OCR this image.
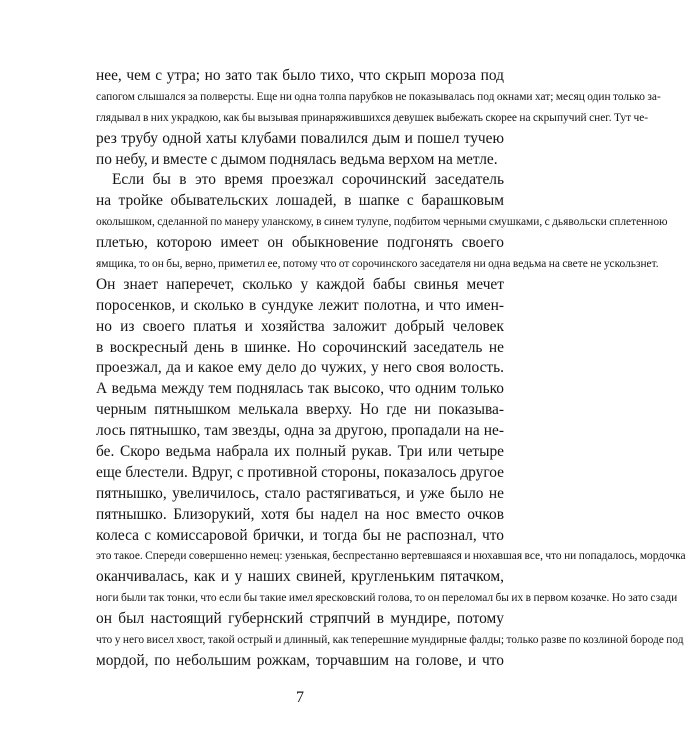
нее, чем с утра; но зато так было тихо, что скрып мороза под
сапогом слышался за полверсты. Еще ни одна толпа парубков не показывалась под окнами хат; месяц один только за-
глядывал в них украдкою, как бы вызывая принаряжившихся девушек выбежать скорее на скрыпучий снег. Тут че-
рез трубу одной хаты клубами повалился дым и пошел тучею
по небу, и вместе с дымом поднялась ведьма верхом на метле.
Если бы в это время проезжал сорочинский заседатель
на тройке обывательских лошадей, в шапке с барашковым
околышком, сделанной по манеру уланскому, в синем тулупе, подбитом черными смушками, с дьявольски сплетенною
плетью, которою имеет он обыкновение подгонять своего
ямщика, то он бы, верно, приметил ее, потому что от сорочинского заседателя ни одна ведьма на свете не ускользнет.
Он знает наперечет, сколько у каждой бабы свинья мечет
поросенков, и сколько в сундуке лежит полотна, и что имен-
но из своего платья и хозяйства заложит добрый человек
в воскресный день в шинке. Но сорочинский заседатель не
проезжал, да и какое ему дело до чужих, у него своя волость.
А ведьма между тем поднялась так высоко, что одним только
черным пятнышком мелькала вверху. Но где ни показыва-
лось пятнышко, там звезды, одна за другою, пропадали на не-
бе. Скоро ведьма набрала их полный рукав. Три или четыре
еще блестели. Вдруг, с противной стороны, показалось другое
пятнышко, увеличилось, стало растягиваться, и уже было не
пятнышко. Близорукий, хотя бы надел на нос вместо очков
колеса с комиссаровой брички, и тогда бы не распознал, что
это такое. Спереди совершенно немец: узенькая, беспрестанно вертевшаяся и нюхавшая все, что ни попадалось, мордочка
оканчивалась, как и у наших свиней, кругленьким пятачком,
ноги были так тонки, что если бы такие имел яресковский голова, то он переломал бы их в первом козачке. Но зато сзади
он был настоящий губернский стряпчий в мундире, потому
что у него висел хвост, такой острый и длинный, как теперешние мундирные фалды; только разве по козлиной бороде под
мордой, по небольшим рожкам, торчавшим на голове, и что
7
